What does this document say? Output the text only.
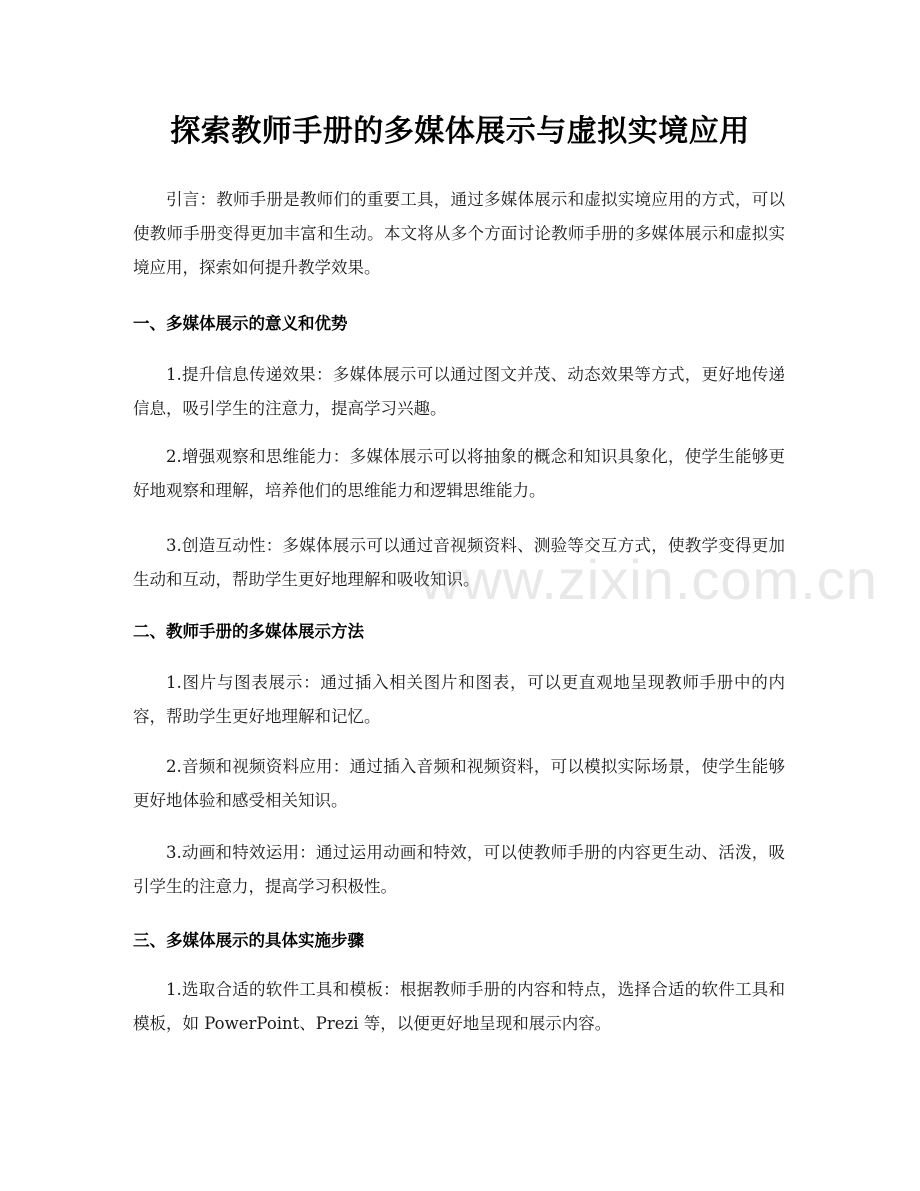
探索教师手册的多媒体展示与虚拟实境应用

引言：教师手册是教师们的重要工具，通过多媒体展示和虚拟实境应用的方式，可以使教师手册变得更加丰富和生动。本文将从多个方面讨论教师手册的多媒体展示和虚拟实境应用，探索如何提升教学效果。

一、多媒体展示的意义和优势

1.提升信息传递效果：多媒体展示可以通过图文并茂、动态效果等方式，更好地传递信息，吸引学生的注意力，提高学习兴趣。

2.增强观察和思维能力：多媒体展示可以将抽象的概念和知识具象化，使学生能够更好地观察和理解，培养他们的思维能力和逻辑思维能力。

3.创造互动性：多媒体展示可以通过音视频资料、测验等交互方式，使教学变得更加生动和互动，帮助学生更好地理解和吸收知识。

二、教师手册的多媒体展示方法

1.图片与图表展示：通过插入相关图片和图表，可以更直观地呈现教师手册中的内容，帮助学生更好地理解和记忆。

2.音频和视频资料应用：通过插入音频和视频资料，可以模拟实际场景，使学生能够更好地体验和感受相关知识。

3.动画和特效运用：通过运用动画和特效，可以使教师手册的内容更生动、活泼，吸引学生的注意力，提高学习积极性。

三、多媒体展示的具体实施步骤

1.选取合适的软件工具和模板：根据教师手册的内容和特点，选择合适的软件工具和模板，如 PowerPoint、Prezi 等，以便更好地呈现和展示内容。

www.zixin.com.cn
